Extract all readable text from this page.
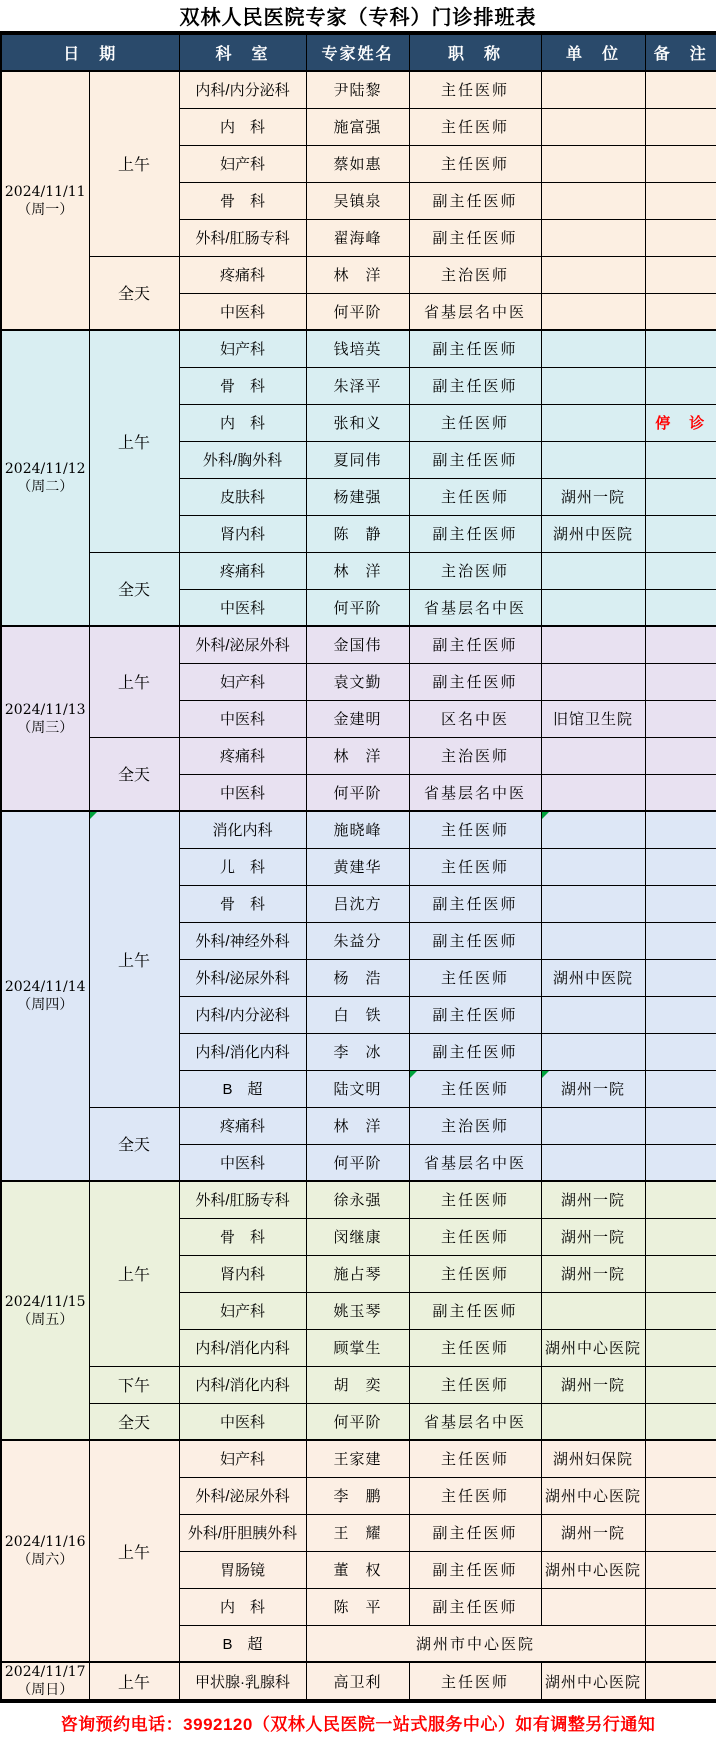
双林人民医院专家（专科）门诊排班表
日　期		科　室	专家姓名	职　称	单　位	备　注

2024/11/11
（周一）	上午	内科/内分泌科	尹陆黎	主任医师		
		内　科	施富强	主任医师		
		妇产科	蔡如惠	主任医师		
		骨　科	吴镇泉	副主任医师		
		外科/肛肠专科	翟海峰	副主任医师		
	全天	疼痛科	林　洋	主治医师		
		中医科	何平阶	省基层名中医		

2024/11/12
（周二）	上午	妇产科	钱培英	副主任医师		
		骨　科	朱泽平	副主任医师		
		内　科	张和义	主任医师		停　诊
		外科/胸外科	夏同伟	副主任医师		
		皮肤科	杨建强	主任医师	湖州一院	
		肾内科	陈　静	副主任医师	湖州中医院	
	全天	疼痛科	林　洋	主治医师		
		中医科	何平阶	省基层名中医		

2024/11/13
（周三）	上午	外科/泌尿外科	金国伟	副主任医师		
		妇产科	袁文勤	副主任医师		
		中医科	金建明	区名中医	旧馆卫生院	
	全天	疼痛科	林　洋	主治医师		
		中医科	何平阶	省基层名中医		

2024/11/14
（周四）	上午	消化内科	施晓峰	主任医师		
		儿　科	黄建华	主任医师		
		骨　科	吕沈方	副主任医师		
		外科/神经外科	朱益分	副主任医师		
		外科/泌尿外科	杨　浩	主任医师	湖州中医院	
		内科/内分泌科	白　铁	副主任医师		
		内科/消化内科	李　冰	副主任医师		
		B　超	陆文明	主任医师	湖州一院	
	全天	疼痛科	林　洋	主治医师		
		中医科	何平阶	省基层名中医		

2024/11/15
（周五）	上午	外科/肛肠专科	徐永强	主任医师	湖州一院	
		骨　科	闵继康	主任医师	湖州一院	
		肾内科	施占琴	主任医师	湖州一院	
		妇产科	姚玉琴	副主任医师		
		内科/消化内科	顾掌生	主任医师	湖州中心医院	
	下午	内科/消化内科	胡　奕	主任医师	湖州一院	
	全天	中医科	何平阶	省基层名中医		

2024/11/16
（周六）	上午	妇产科	王家建	主任医师	湖州妇保院	
		外科/泌尿外科	李　鹏	主任医师	湖州中心医院	
		外科/肝胆胰外科	王　耀	副主任医师	湖州一院	
		胃肠镜	董　权	副主任医师	湖州中心医院	
		内　科	陈　平	副主任医师		
		B　超	湖州市中心医院			

2024/11/17
（周日）	上午	甲状腺·乳腺科	高卫利	主任医师	湖州中心医院	
咨询预约电话：3992120（双林人民医院一站式服务中心）如有调整另行通知
